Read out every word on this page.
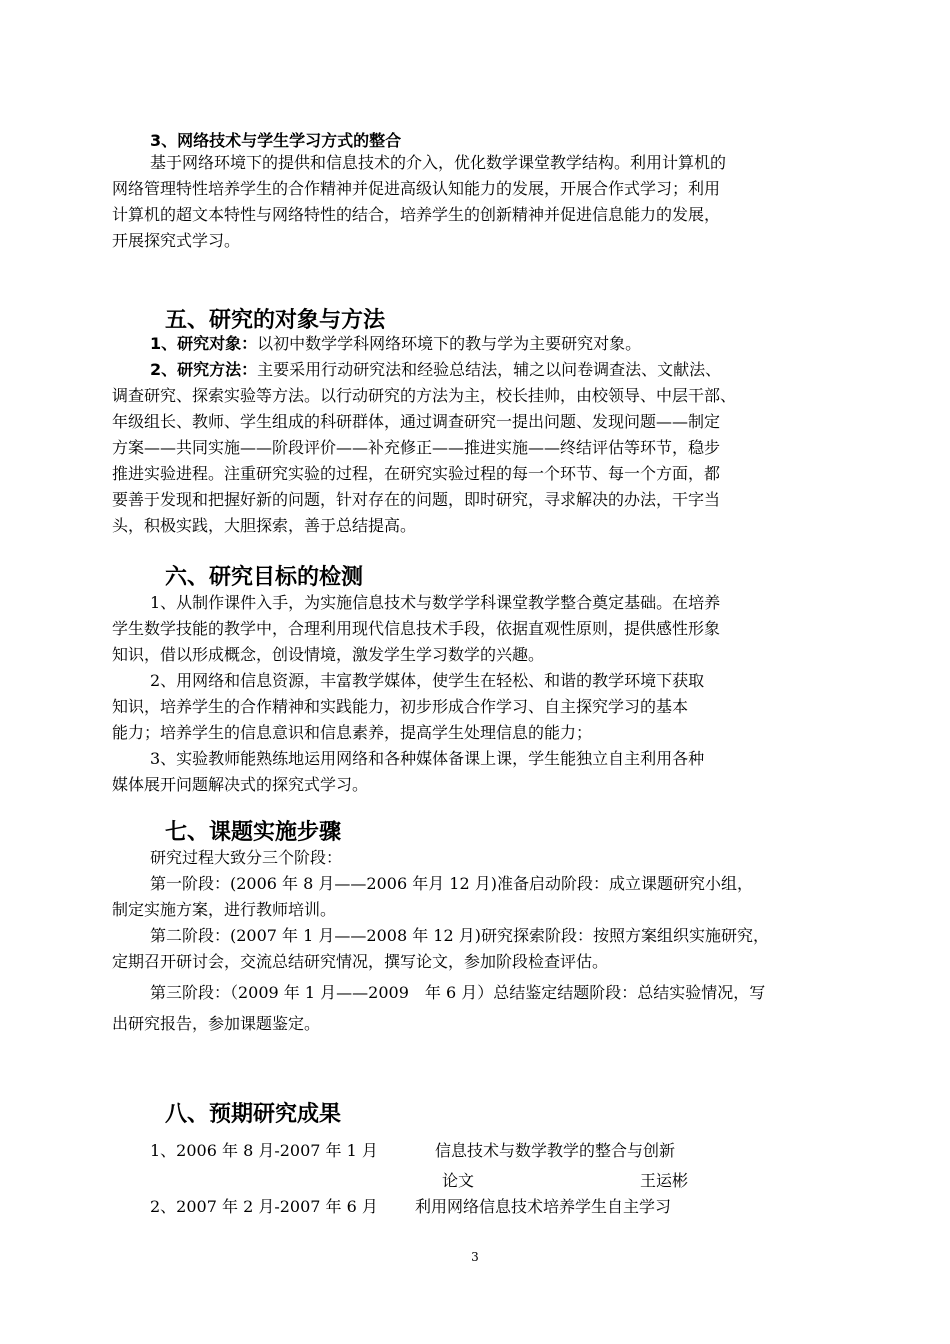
3、网络技术与学生学习方式的整合

基于网络环境下的提供和信息技术的介入，优化数学课堂教学结构。利用计算机的
网络管理特性培养学生的合作精神并促进高级认知能力的发展，开展合作式学习；利用
计算机的超文本特性与网络特性的结合，培养学生的创新精神并促进信息能力的发展，
开展探究式学习。
五、研究的对象与方法
1、研究对象：以初中数学学科网络环境下的教与学为主要研究对象。
2、研究方法：主要采用行动研究法和经验总结法，辅之以问卷调查法、文献法、
调查研究、探索实验等方法。以行动研究的方法为主，校长挂帅，由校领导、中层干部、
年级组长、教师、学生组成的科研群体，通过调查研究一提出问题、发现问题——制定
方案——共同实施——阶段评价——补充修正——推进实施——终结评估等环节，稳步
推进实验进程。注重研究实验的过程，在研究实验过程的每一个环节、每一个方面，都
要善于发现和把握好新的问题，针对存在的问题，即时研究，寻求解决的办法，干字当
头，积极实践，大胆探索，善于总结提高。
六、研究目标的检测
1、从制作课件入手，为实施信息技术与数学学科课堂教学整合奠定基础。在培养
学生数学技能的教学中，合理利用现代信息技术手段，依据直观性原则，提供感性形象
知识，借以形成概念，创设情境，激发学生学习数学的兴趣。
2、用网络和信息资源，丰富教学媒体，使学生在轻松、和谐的教学环境下获取
知识，培养学生的合作精神和实践能力，初步形成合作学习、自主探究学习的基本
能力；培养学生的信息意识和信息素养，提高学生处理信息的能力；
3、实验教师能熟练地运用网络和各种媒体备课上课，学生能独立自主利用各种
媒体展开问题解决式的探究式学习。
七、课题实施步骤
研究过程大致分三个阶段：
第一阶段：(2006 年 8 月——2006 年月 12 月)准备启动阶段：成立课题研究小组，
制定实施方案，进行教师培训。
第二阶段：(2007 年 1 月——2008 年 12 月)研究探索阶段：按照方案组织实施研究，
定期召开研讨会，交流总结研究情况，撰写论文，参加阶段检查评估。
第三阶段：（2009 年 1 月——2009　年 6 月）总结鉴定结题阶段：总结实验情况，写
出研究报告，参加课题鉴定。
八、预期研究成果
1、2006 年 8 月-2007 年 1 月	信息技术与数学教学的整合与创新
论文	王运彬
2、2007 年 2 月-2007 年 6 月 利用网络信息技术培养学生自主学习
3
